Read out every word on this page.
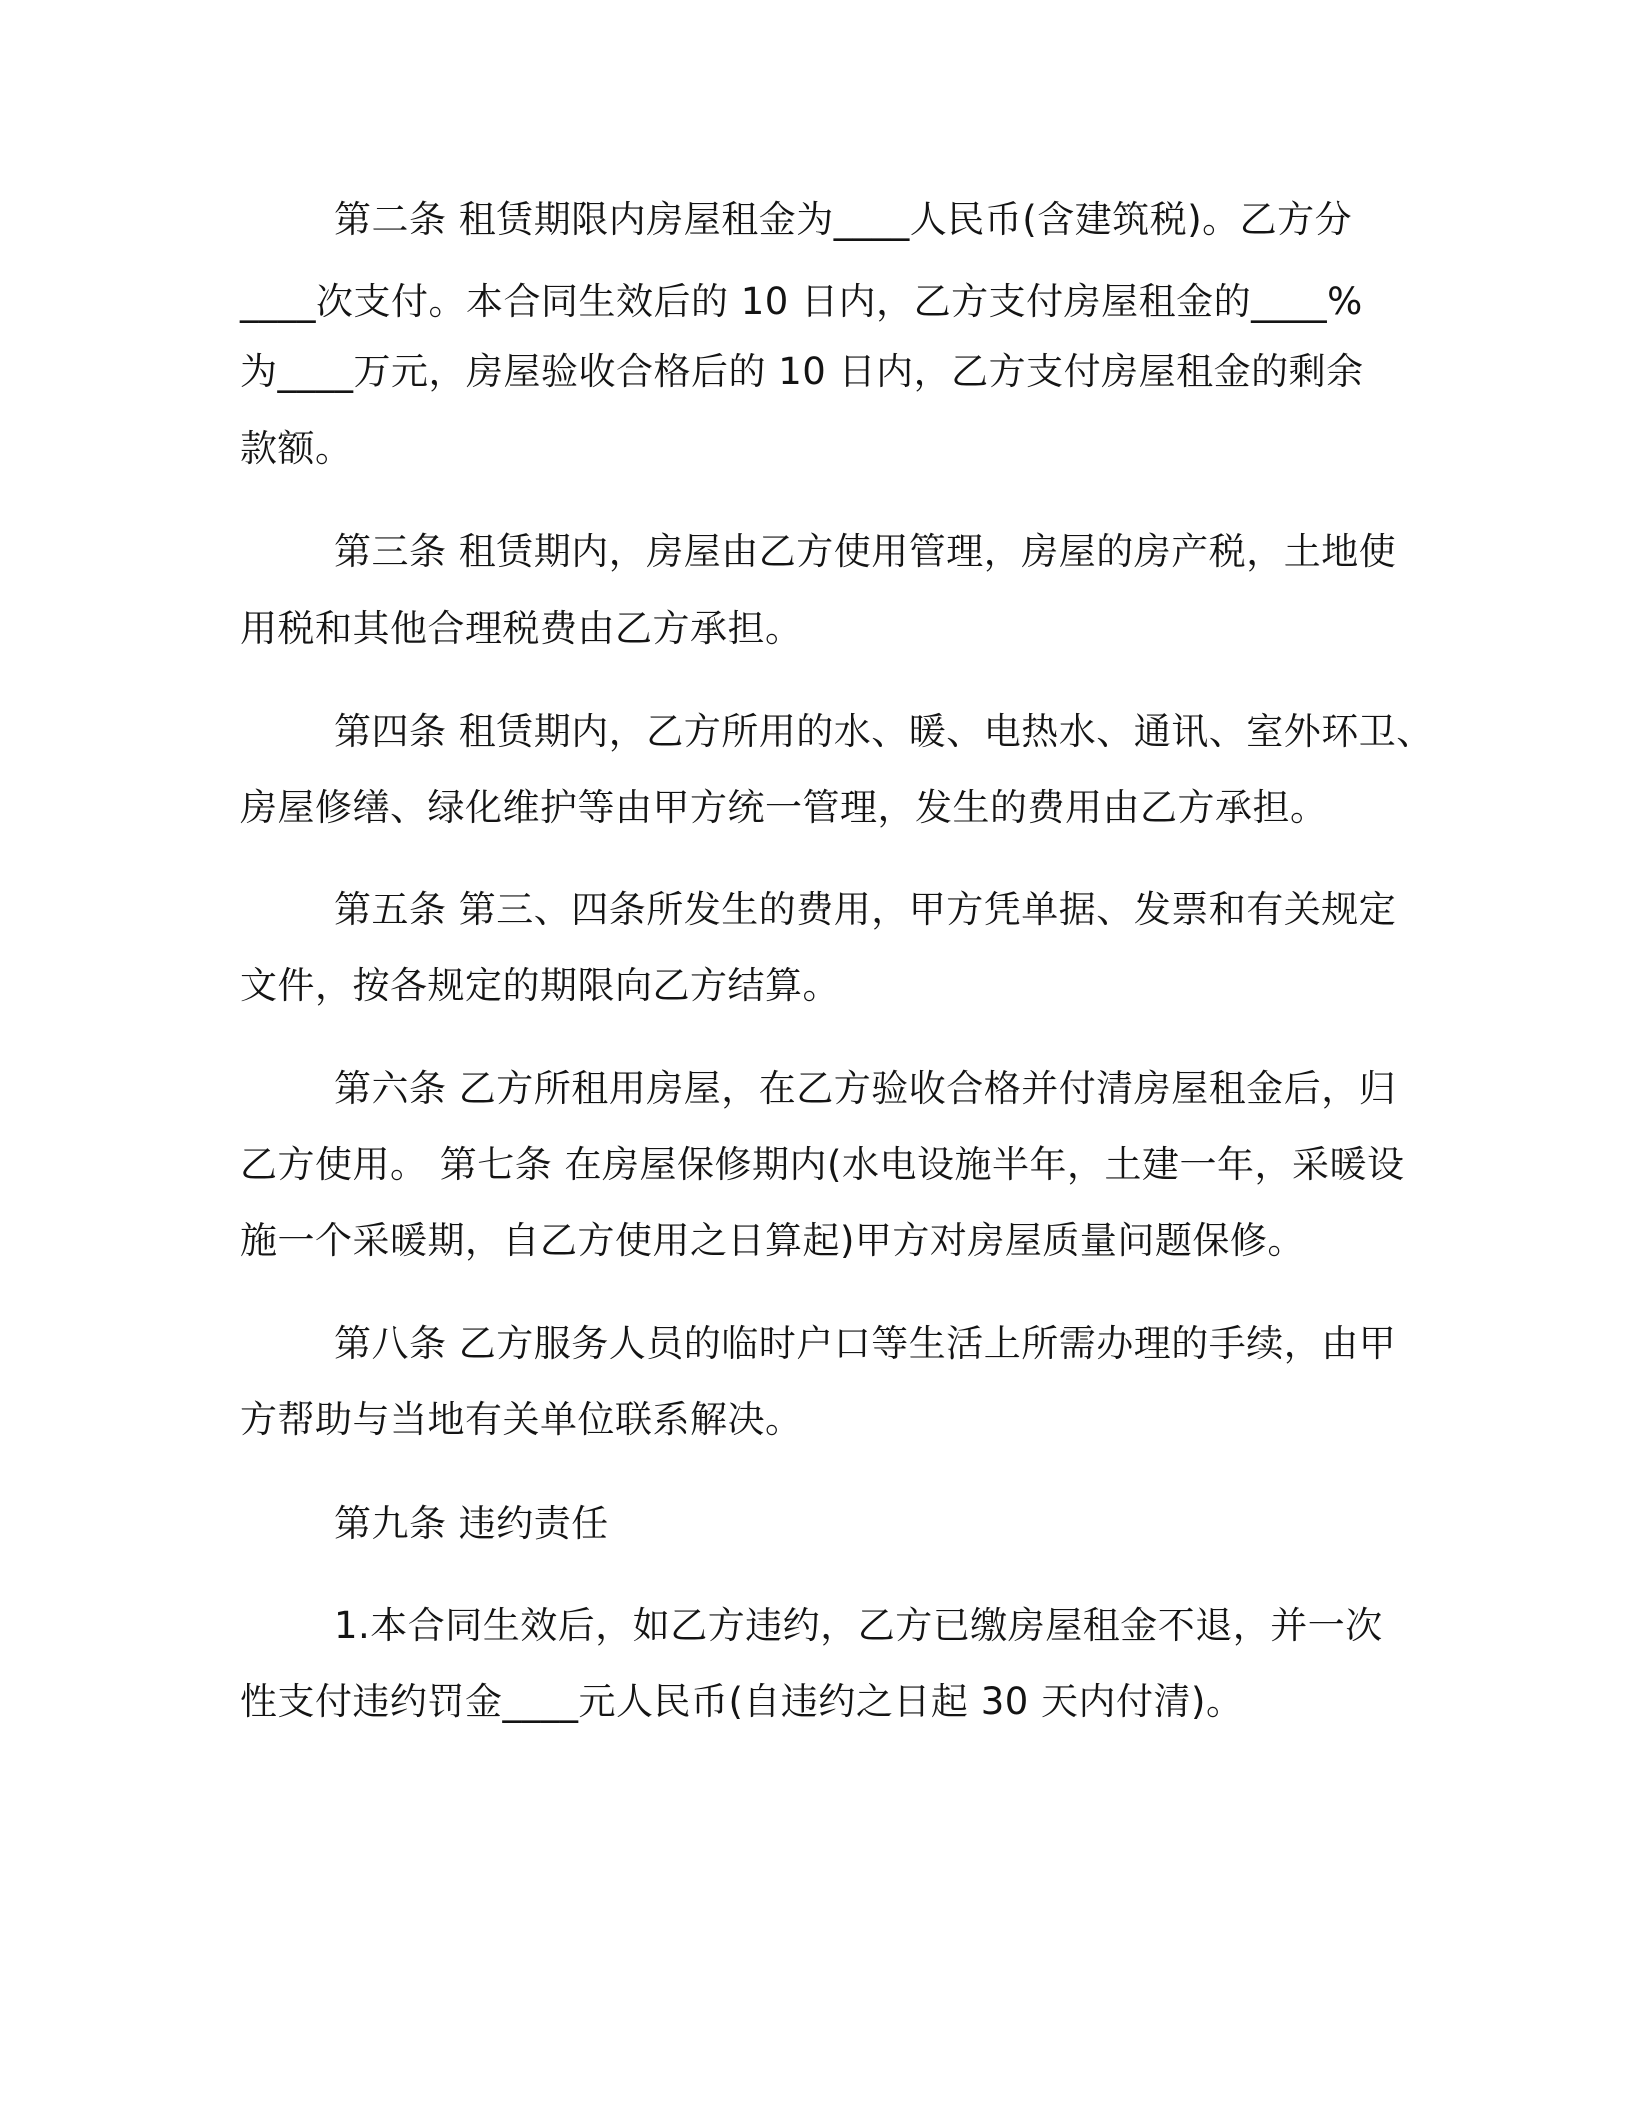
第二条 租赁期限内房屋租金为____人民币(含建筑税)。乙方分
____次支付。本合同生效后的 10 日内，乙方支付房屋租金的____%
为____万元，房屋验收合格后的 10 日内，乙方支付房屋租金的剩余
款额。
第三条 租赁期内，房屋由乙方使用管理，房屋的房产税，土地使
用税和其他合理税费由乙方承担。
第四条 租赁期内，乙方所用的水、暖、电热水、通讯、室外环卫、
房屋修缮、绿化维护等由甲方统一管理，发生的费用由乙方承担。
第五条 第三、四条所发生的费用，甲方凭单据、发票和有关规定
文件，按各规定的期限向乙方结算。
第六条 乙方所租用房屋，在乙方验收合格并付清房屋租金后，归
乙方使用。 第七条 在房屋保修期内(水电设施半年，土建一年，采暖设
施一个采暖期，自乙方使用之日算起)甲方对房屋质量问题保修。
第八条 乙方服务人员的临时户口等生活上所需办理的手续，由甲
方帮助与当地有关单位联系解决。
第九条 违约责任
1.本合同生效后，如乙方违约，乙方已缴房屋租金不退，并一次
性支付违约罚金____元人民币(自违约之日起 30 天内付清)。
